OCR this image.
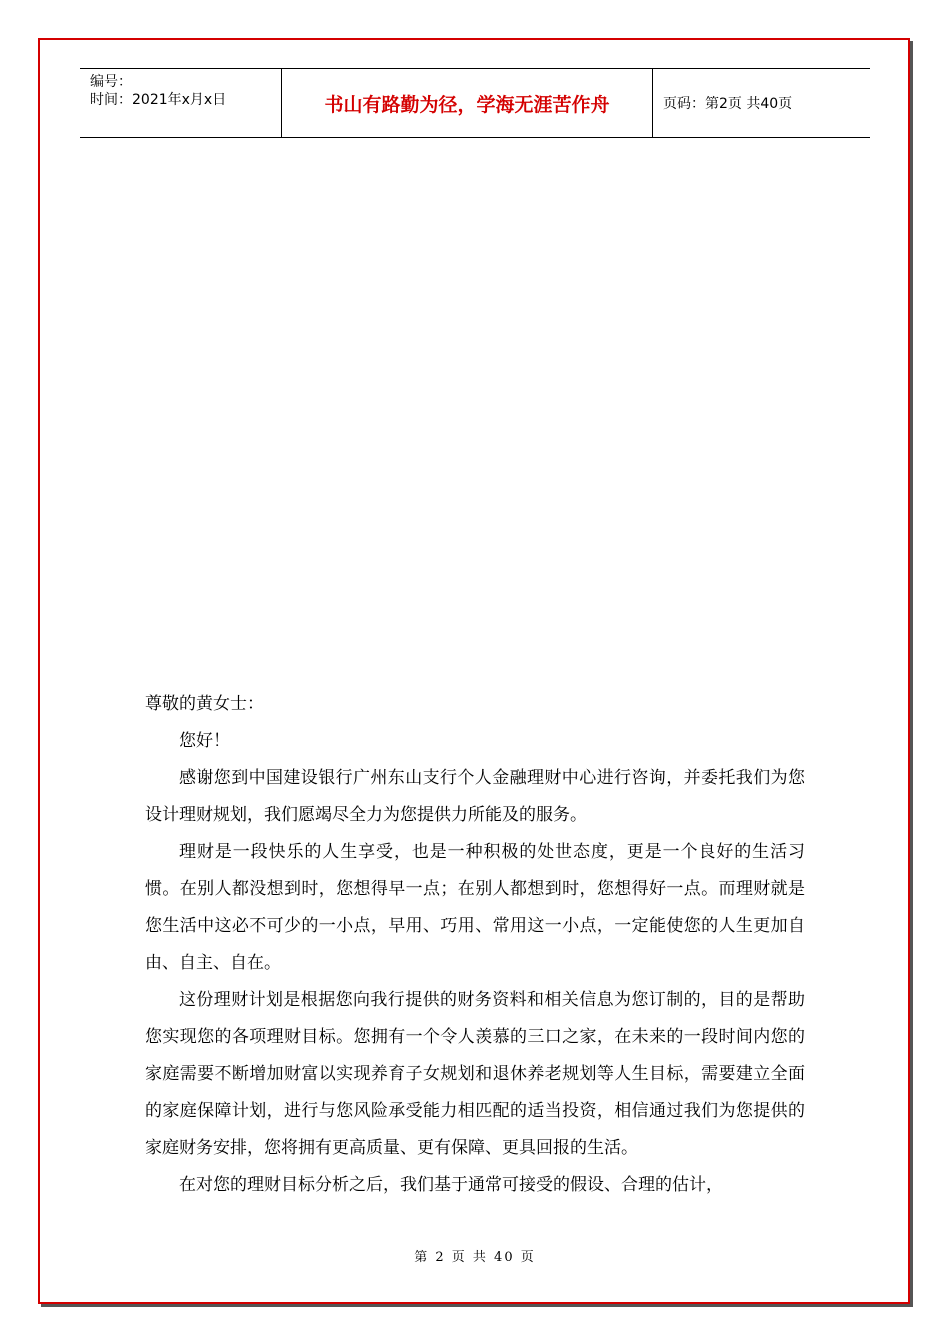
编号：
时间：2021年x月x日	书山有路勤为径，学海无涯苦作舟	页码：第2页 共40页

尊敬的黄女士：

您好！

感谢您到中国建设银行广州东山支行个人金融理财中心进行咨询，并委托我们为您设计理财规划，我们愿竭尽全力为您提供力所能及的服务。

理财是一段快乐的人生享受，也是一种积极的处世态度，更是一个良好的生活习惯。在别人都没想到时，您想得早一点；在别人都想到时，您想得好一点。而理财就是您生活中这必不可少的一小点，早用、巧用、常用这一小点，一定能使您的人生更加自由、自主、自在。

这份理财计划是根据您向我行提供的财务资料和相关信息为您订制的，目的是帮助您实现您的各项理财目标。您拥有一个令人羡慕的三口之家，在未来的一段时间内您的家庭需要不断增加财富以实现养育子女规划和退休养老规划等人生目标，需要建立全面的家庭保障计划，进行与您风险承受能力相匹配的适当投资，相信通过我们为您提供的家庭财务安排，您将拥有更高质量、更有保障、更具回报的生活。

在对您的理财目标分析之后，我们基于通常可接受的假设、合理的估计，

第 2 页 共 40 页
